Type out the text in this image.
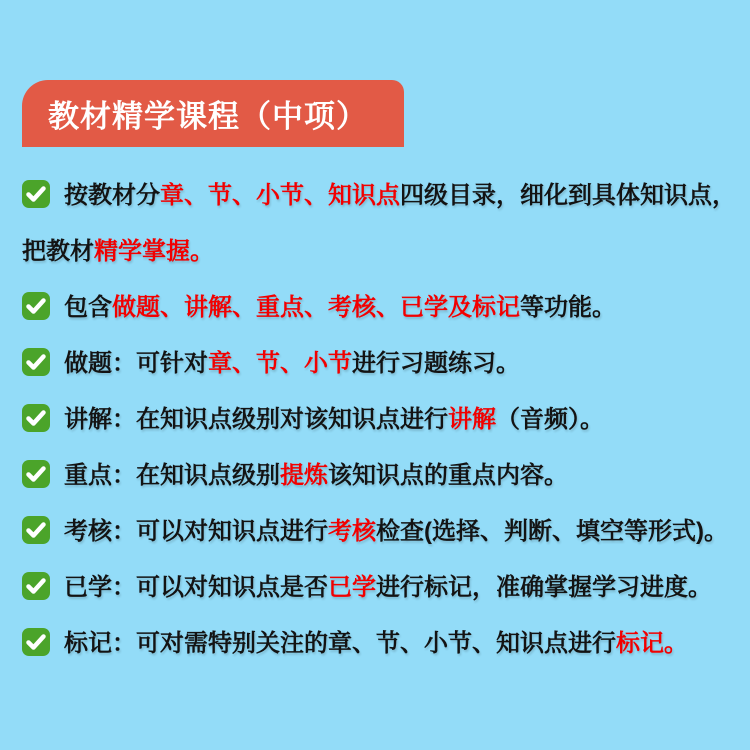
教材精学课程（中项）
按教材分章、节、小节、知识点四级目录，细化到具体知识点，
把教材精学掌握。
包含做题、讲解、重点、考核、已学及标记等功能。
做题：可针对章、节、小节进行习题练习。
讲解：在知识点级别对该知识点进行讲解（音频）。
重点：在知识点级别提炼该知识点的重点内容。
考核：可以对知识点进行考核检查(选择、判断、填空等形式)。
已学：可以对知识点是否已学进行标记，准确掌握学习进度。
标记：可对需特别关注的章、节、小节、知识点进行标记。
